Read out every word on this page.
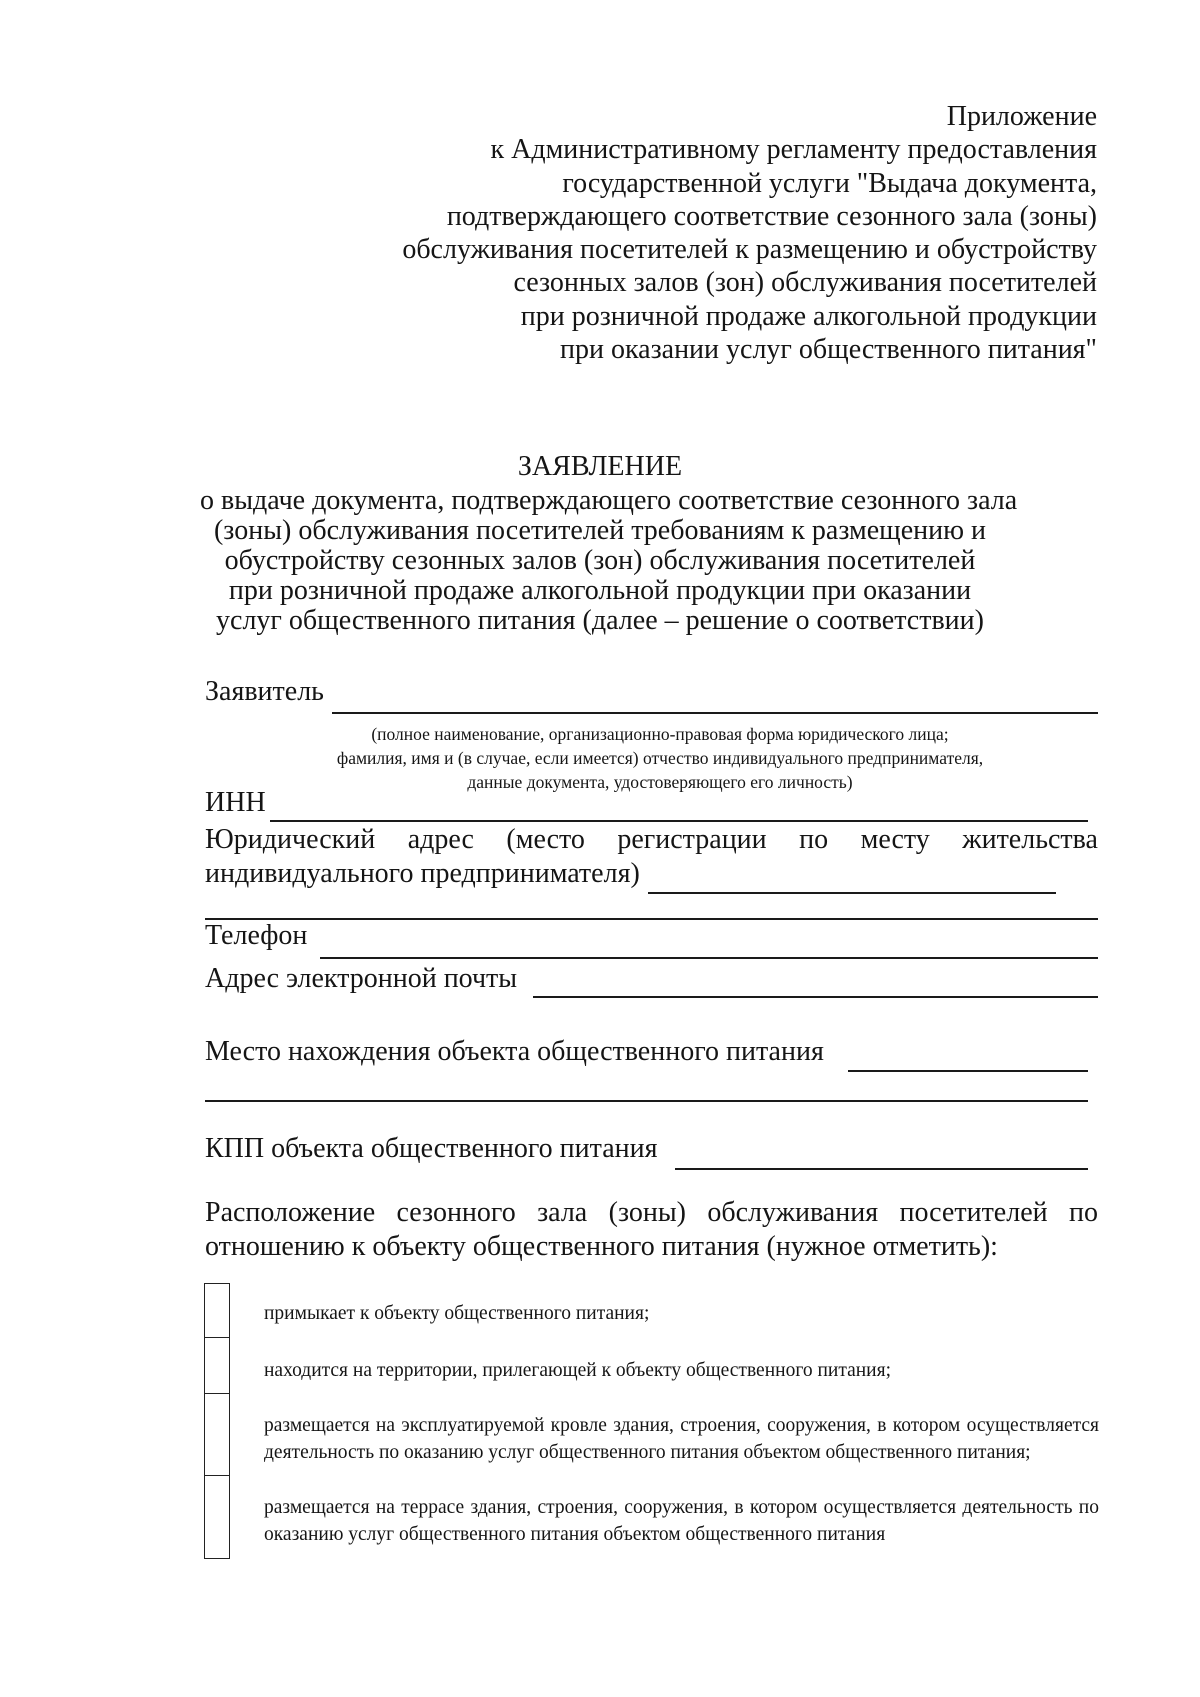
Приложение
к Административному регламенту предоставления
государственной услуги "Выдача документа,
подтверждающего соответствие сезонного зала (зоны)
обслуживания посетителей к размещению и обустройству
сезонных залов (зон) обслуживания посетителей
при розничной продаже алкогольной продукции
при оказании услуг общественного питания"
ЗАЯВЛЕНИЕ
о выдаче документа, подтверждающего соответствие сезонного зала
(зоны) обслуживания посетителей требованиям к размещению и
обустройству сезонных залов (зон) обслуживания посетителей
при розничной продаже алкогольной продукции при оказании
услуг общественного питания (далее – решение о соответствии)
Заявитель
(полное наименование, организационно-правовая форма юридического лица;
фамилия, имя и (в случае, если имеется) отчество индивидуального предпринимателя,
данные документа, удостоверяющего его личность)
ИНН
Юридический адрес (место регистрации по месту жительства
индивидуального предпринимателя)
Телефон
Адрес электронной почты
Место нахождения объекта общественного питания
КПП объекта общественного питания
Расположение сезонного зала (зоны) обслуживания посетителей по отношению к объекту общественного питания (нужное отметить):
примыкает к объекту общественного питания;
находится на территории, прилегающей к объекту общественного питания;
размещается на эксплуатируемой кровле здания, строения, сооружения, в котором осуществляется деятельность по оказанию услуг общественного питания объектом общественного питания;
размещается на террасе здания, строения, сооружения, в котором осуществляется деятельность по оказанию услуг общественного питания объектом общественного питания
